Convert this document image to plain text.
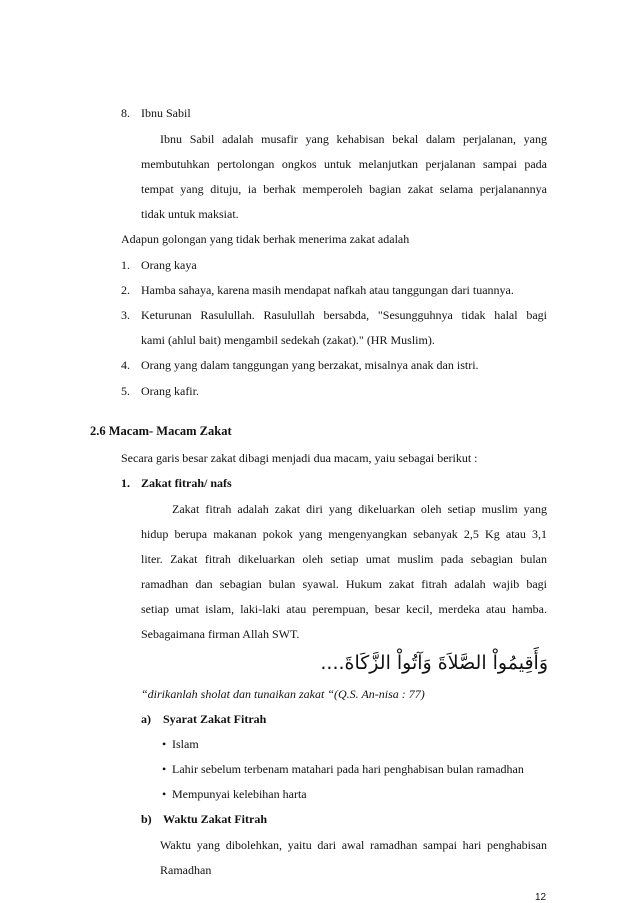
8. Ibnu Sabil
Ibnu Sabil adalah musafir yang kehabisan bekal dalam perjalanan, yang
membutuhkan pertolongan ongkos untuk melanjutkan perjalanan sampai pada
tempat yang dituju, ia berhak memperoleh bagian zakat selama perjalanannya
tidak untuk maksiat.
Adapun golongan yang tidak berhak menerima zakat adalah
1. Orang kaya
2. Hamba sahaya, karena masih mendapat nafkah atau tanggungan dari tuannya.
3. Keturunan Rasulullah. Rasulullah bersabda, "Sesungguhnya tidak halal bagi
kami (ahlul bait) mengambil sedekah (zakat)." (HR Muslim).
4. Orang yang dalam tanggungan yang berzakat, misalnya anak dan istri.
5. Orang kafir.
2.6 Macam- Macam Zakat
Secara garis besar zakat dibagi menjadi dua macam, yaiu sebagai berikut :
1. Zakat fitrah/ nafs
Zakat fitrah adalah zakat diri yang dikeluarkan oleh setiap muslim yang
hidup berupa makanan pokok yang mengenyangkan sebanyak 2,5 Kg atau 3,1
liter. Zakat fitrah dikeluarkan oleh setiap umat muslim pada sebagian bulan
ramadhan dan sebagian bulan syawal. Hukum zakat fitrah adalah wajib bagi
setiap umat islam, laki-laki atau perempuan, besar kecil, merdeka atau hamba.
Sebagaimana firman Allah SWT.
وَأَقِيمُواْ الصَّلاَةَ وَآتُواْ الزَّكَاةَ....
“dirikanlah sholat dan tunaikan zakat “(Q.S. An-nisa : 77)
a) Syarat Zakat Fitrah
• Islam
• Lahir sebelum terbenam matahari pada hari penghabisan bulan ramadhan
• Mempunyai kelebihan harta
b) Waktu Zakat Fitrah
Waktu yang dibolehkan, yaitu dari awal ramadhan sampai hari penghabisan
Ramadhan
12
